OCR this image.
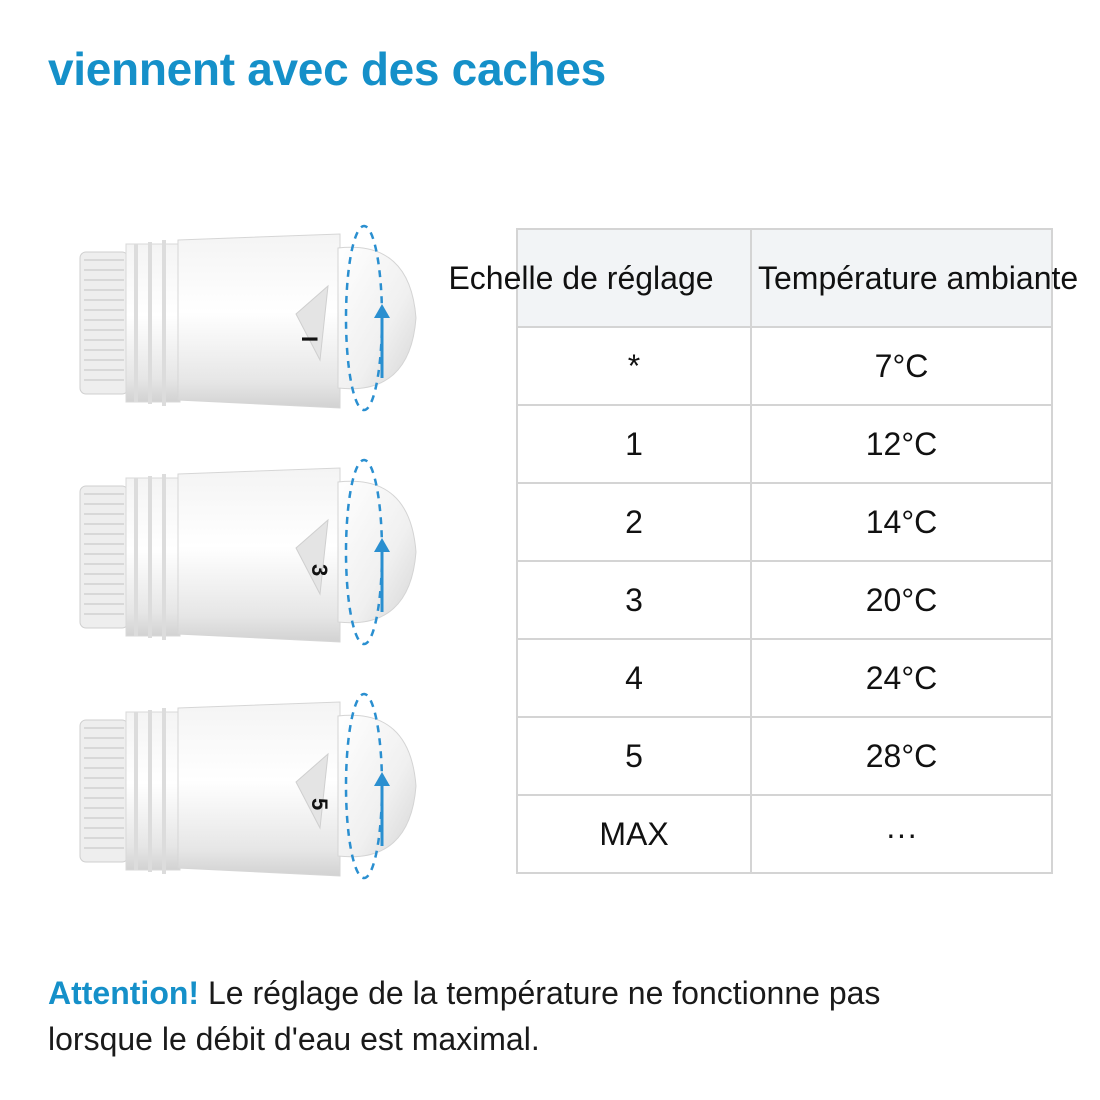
viennent avec des caches
I
3
5
Echelle de réglage	Température ambiante
*	7°C
1	12°C
2	14°C
3	20°C
4	24°C
5	28°C
MAX	···
Attention! Le réglage de la température ne fonctionne pas
lorsque le débit d'eau est maximal.
